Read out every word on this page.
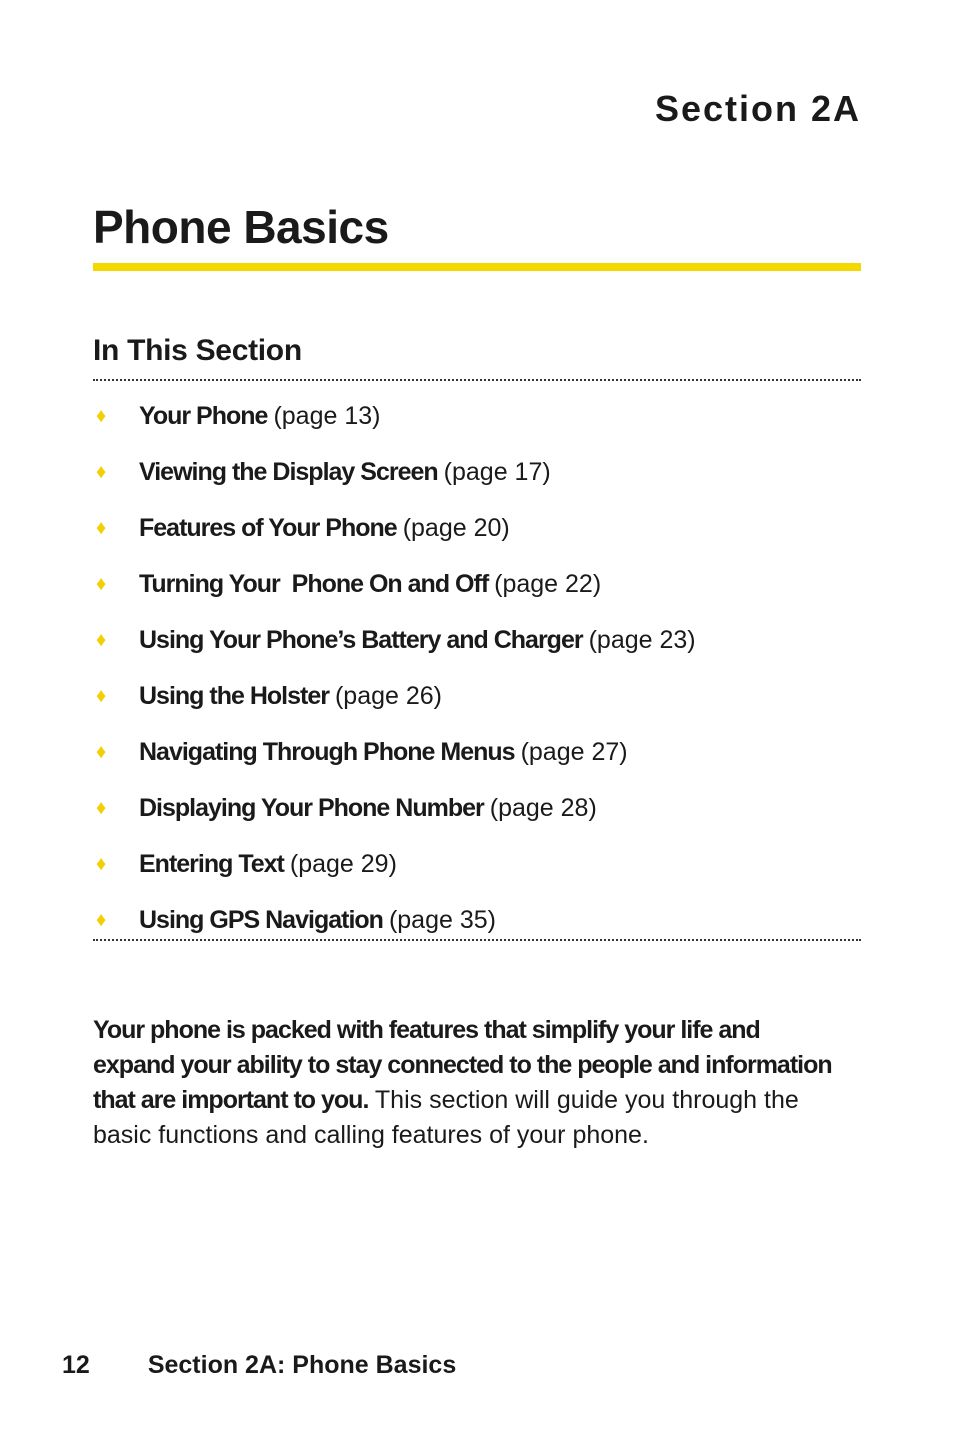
Section 2A
Phone Basics
In This Section
♦	Your Phone (page 13)
♦	Viewing the Display Screen (page 17)
♦	Features of Your Phone (page 20)
♦	Turning Your  Phone On and Off (page 22)
♦	Using Your Phone’s Battery and Charger (page 23)
♦	Using the Holster (page 26)
♦	Navigating Through Phone Menus (page 27)
♦	Displaying Your Phone Number (page 28)
♦	Entering Text (page 29)
♦	Using GPS Navigation (page 35)

Your phone is packed with features that simplify your life and expand your ability to stay connected to the people and information that are important to you. This section will guide you through the basic functions and calling features of your phone.

12 Section 2A: Phone Basics
